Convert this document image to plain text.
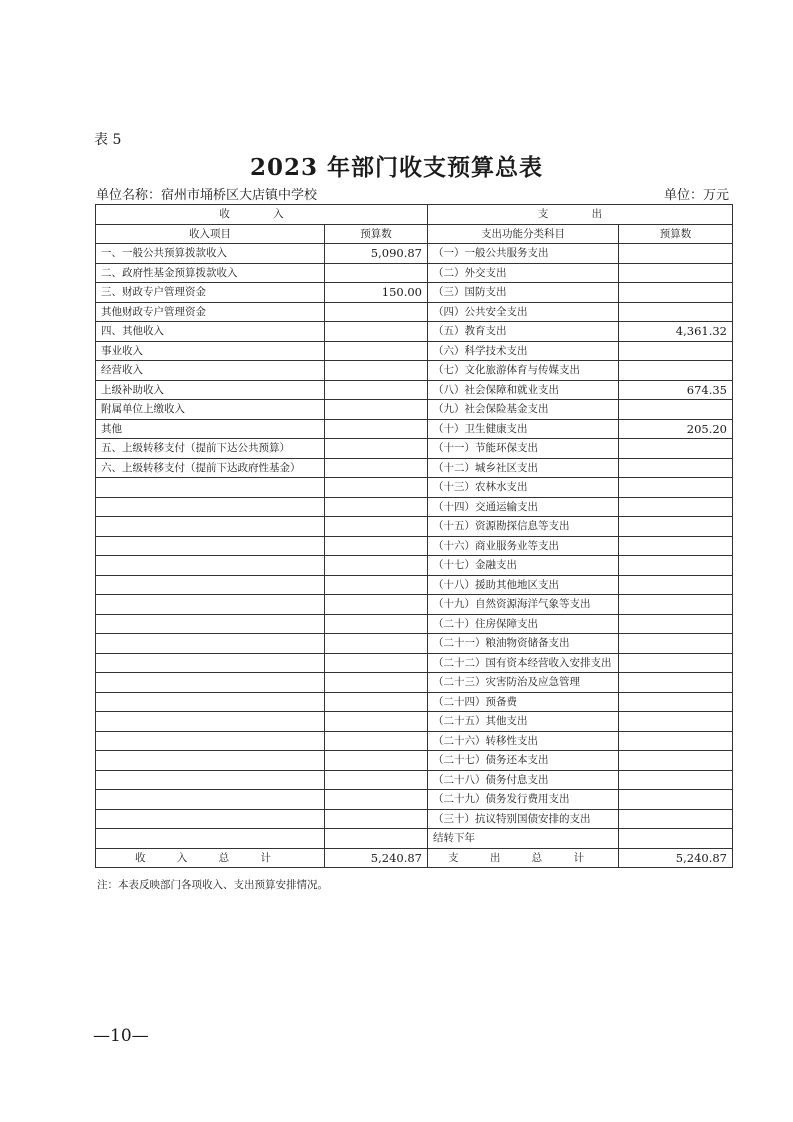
表 5
2023 年部门收支预算总表
单位名称：宿州市埇桥区大店镇中学校	单位：万元
收 入		支 出	
收入项目	预算数	支出功能分类科目	预算数
一、一般公共预算拨款收入	5,090.87	（一）一般公共服务支出	
二、政府性基金预算拨款收入		（二）外交支出	
三、财政专户管理资金	150.00	（三）国防支出	
其他财政专户管理资金		（四）公共安全支出	
四、其他收入		（五）教育支出	4,361.32
事业收入		（六）科学技术支出	
经营收入		（七）文化旅游体育与传媒支出	
上级补助收入		（八）社会保障和就业支出	674.35
附属单位上缴收入		（九）社会保险基金支出	
其他		（十）卫生健康支出	205.20
五、上级转移支付（提前下达公共预算）		（十一）节能环保支出	
六、上级转移支付（提前下达政府性基金）		（十二）城乡社区支出	
		（十三）农林水支出	
		（十四）交通运输支出	
		（十五）资源勘探信息等支出	
		（十六）商业服务业等支出	
		（十七）金融支出	
		（十八）援助其他地区支出	
		（十九）自然资源海洋气象等支出	
		（二十）住房保障支出	
		（二十一）粮油物资储备支出	
		（二十二）国有资本经营收入安排支出	
		（二十三）灾害防治及应急管理	
		（二十四）预备费	
		（二十五）其他支出	
		（二十六）转移性支出	
		（二十七）债务还本支出	
		（二十八）债务付息支出	
		（二十九）债务发行费用支出	
		（三十）抗议特别国债安排的支出	
		结转下年	
收 入 总 计	5,240.87	支 出 总 计	5,240.87
注：本表反映部门各项收入、支出预算安排情况。
—10—
